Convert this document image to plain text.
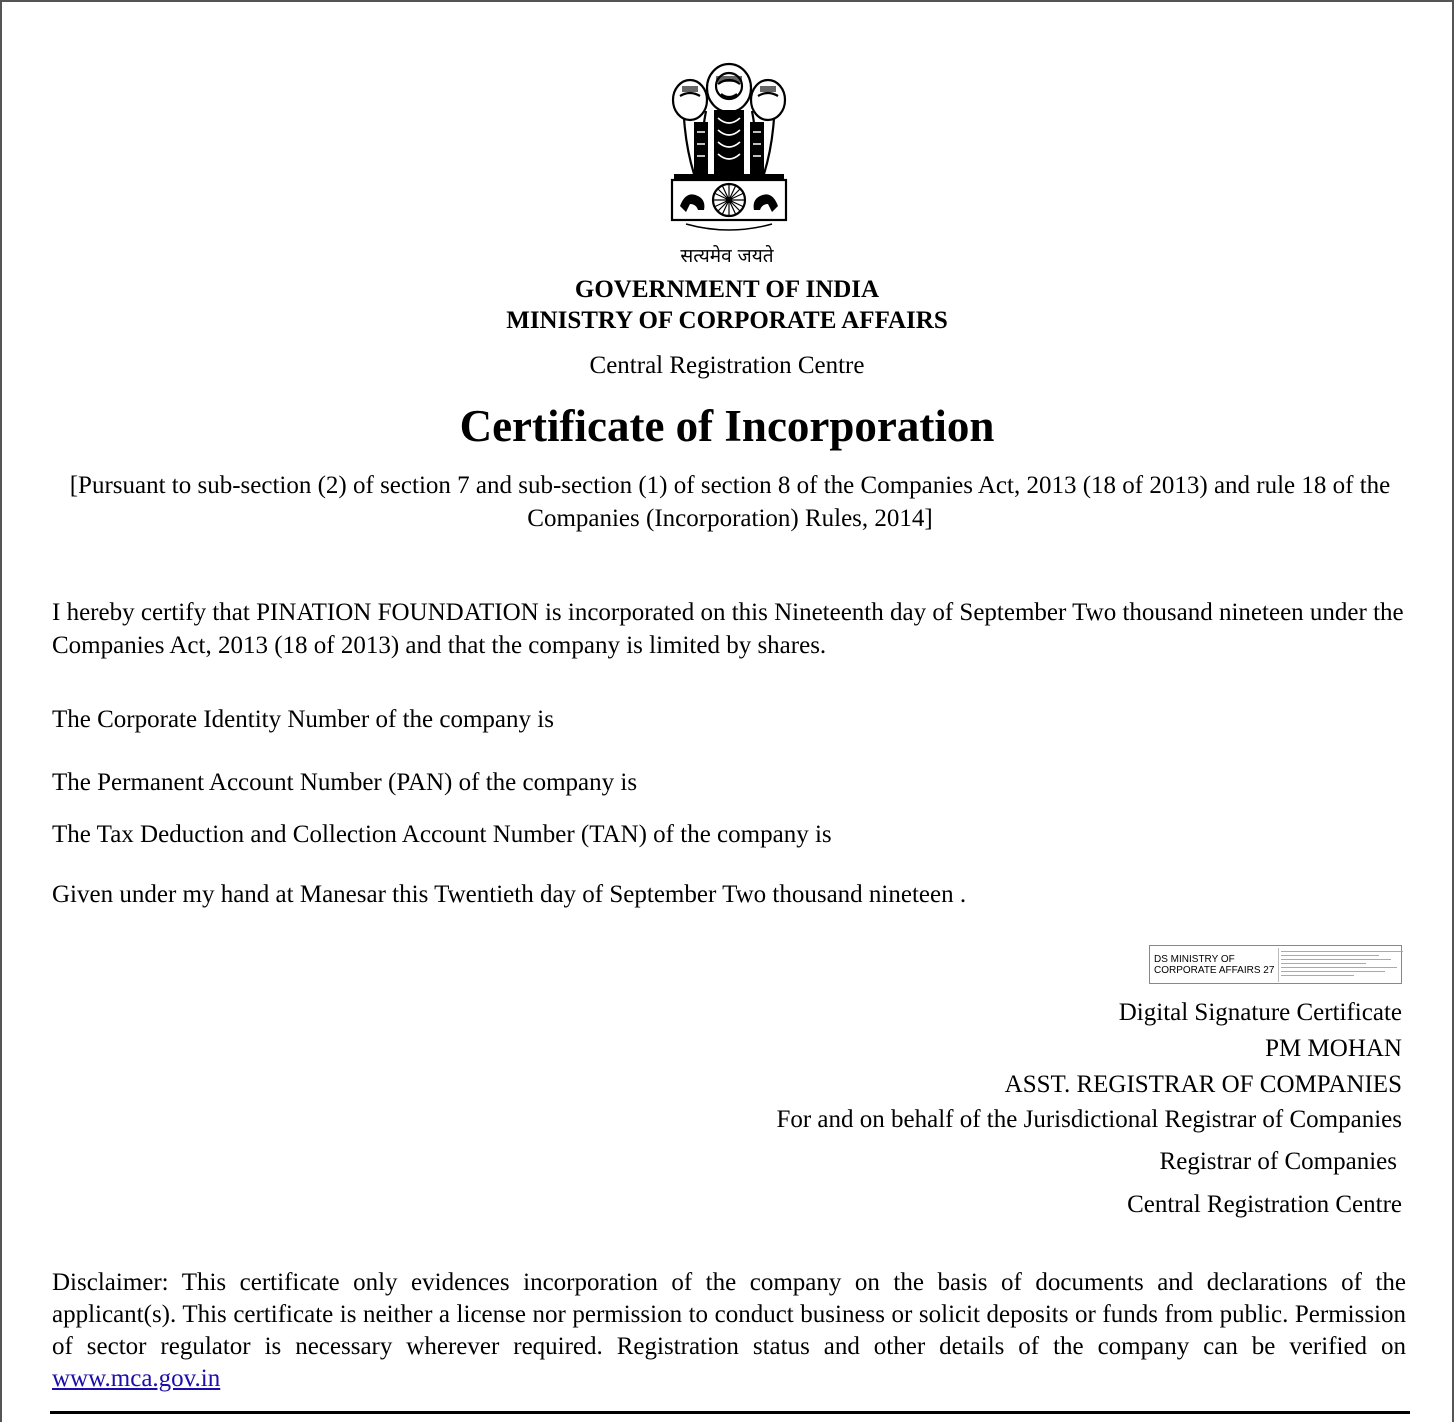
सत्यमेव जयते

GOVERNMENT OF INDIA

MINISTRY OF CORPORATE AFFAIRS

Central Registration Centre

Certificate of Incorporation

[Pursuant to sub-section (2) of section 7 and sub-section (1) of section 8 of the Companies Act, 2013 (18 of 2013) and rule 18 of the Companies (Incorporation) Rules, 2014]

I hereby certify that PINATION FOUNDATION is incorporated on this Nineteenth day of September Two thousand nineteen under the Companies Act, 2013 (18 of 2013) and that the company is limited by shares.

The Corporate Identity Number of the company is

The Permanent Account Number (PAN) of the company is

The Tax Deduction and Collection Account Number (TAN) of the company is

Given under my hand at Manesar this Twentieth day of September Two thousand nineteen .

DS MINISTRY OF
CORPORATE AFFAIRS 27

Digital Signature Certificate

PM MOHAN

ASST. REGISTRAR OF COMPANIES

For and on behalf of the Jurisdictional Registrar of Companies

Registrar of Companies

Central Registration Centre

Disclaimer: This certificate only evidences incorporation of the company on the basis of documents and declarations of the applicant(s). This certificate is neither a license nor permission to conduct business or solicit deposits or funds from public. Permission of sector regulator is necessary wherever required. Registration status and other details of the company can be verified on www.mca.gov.in
